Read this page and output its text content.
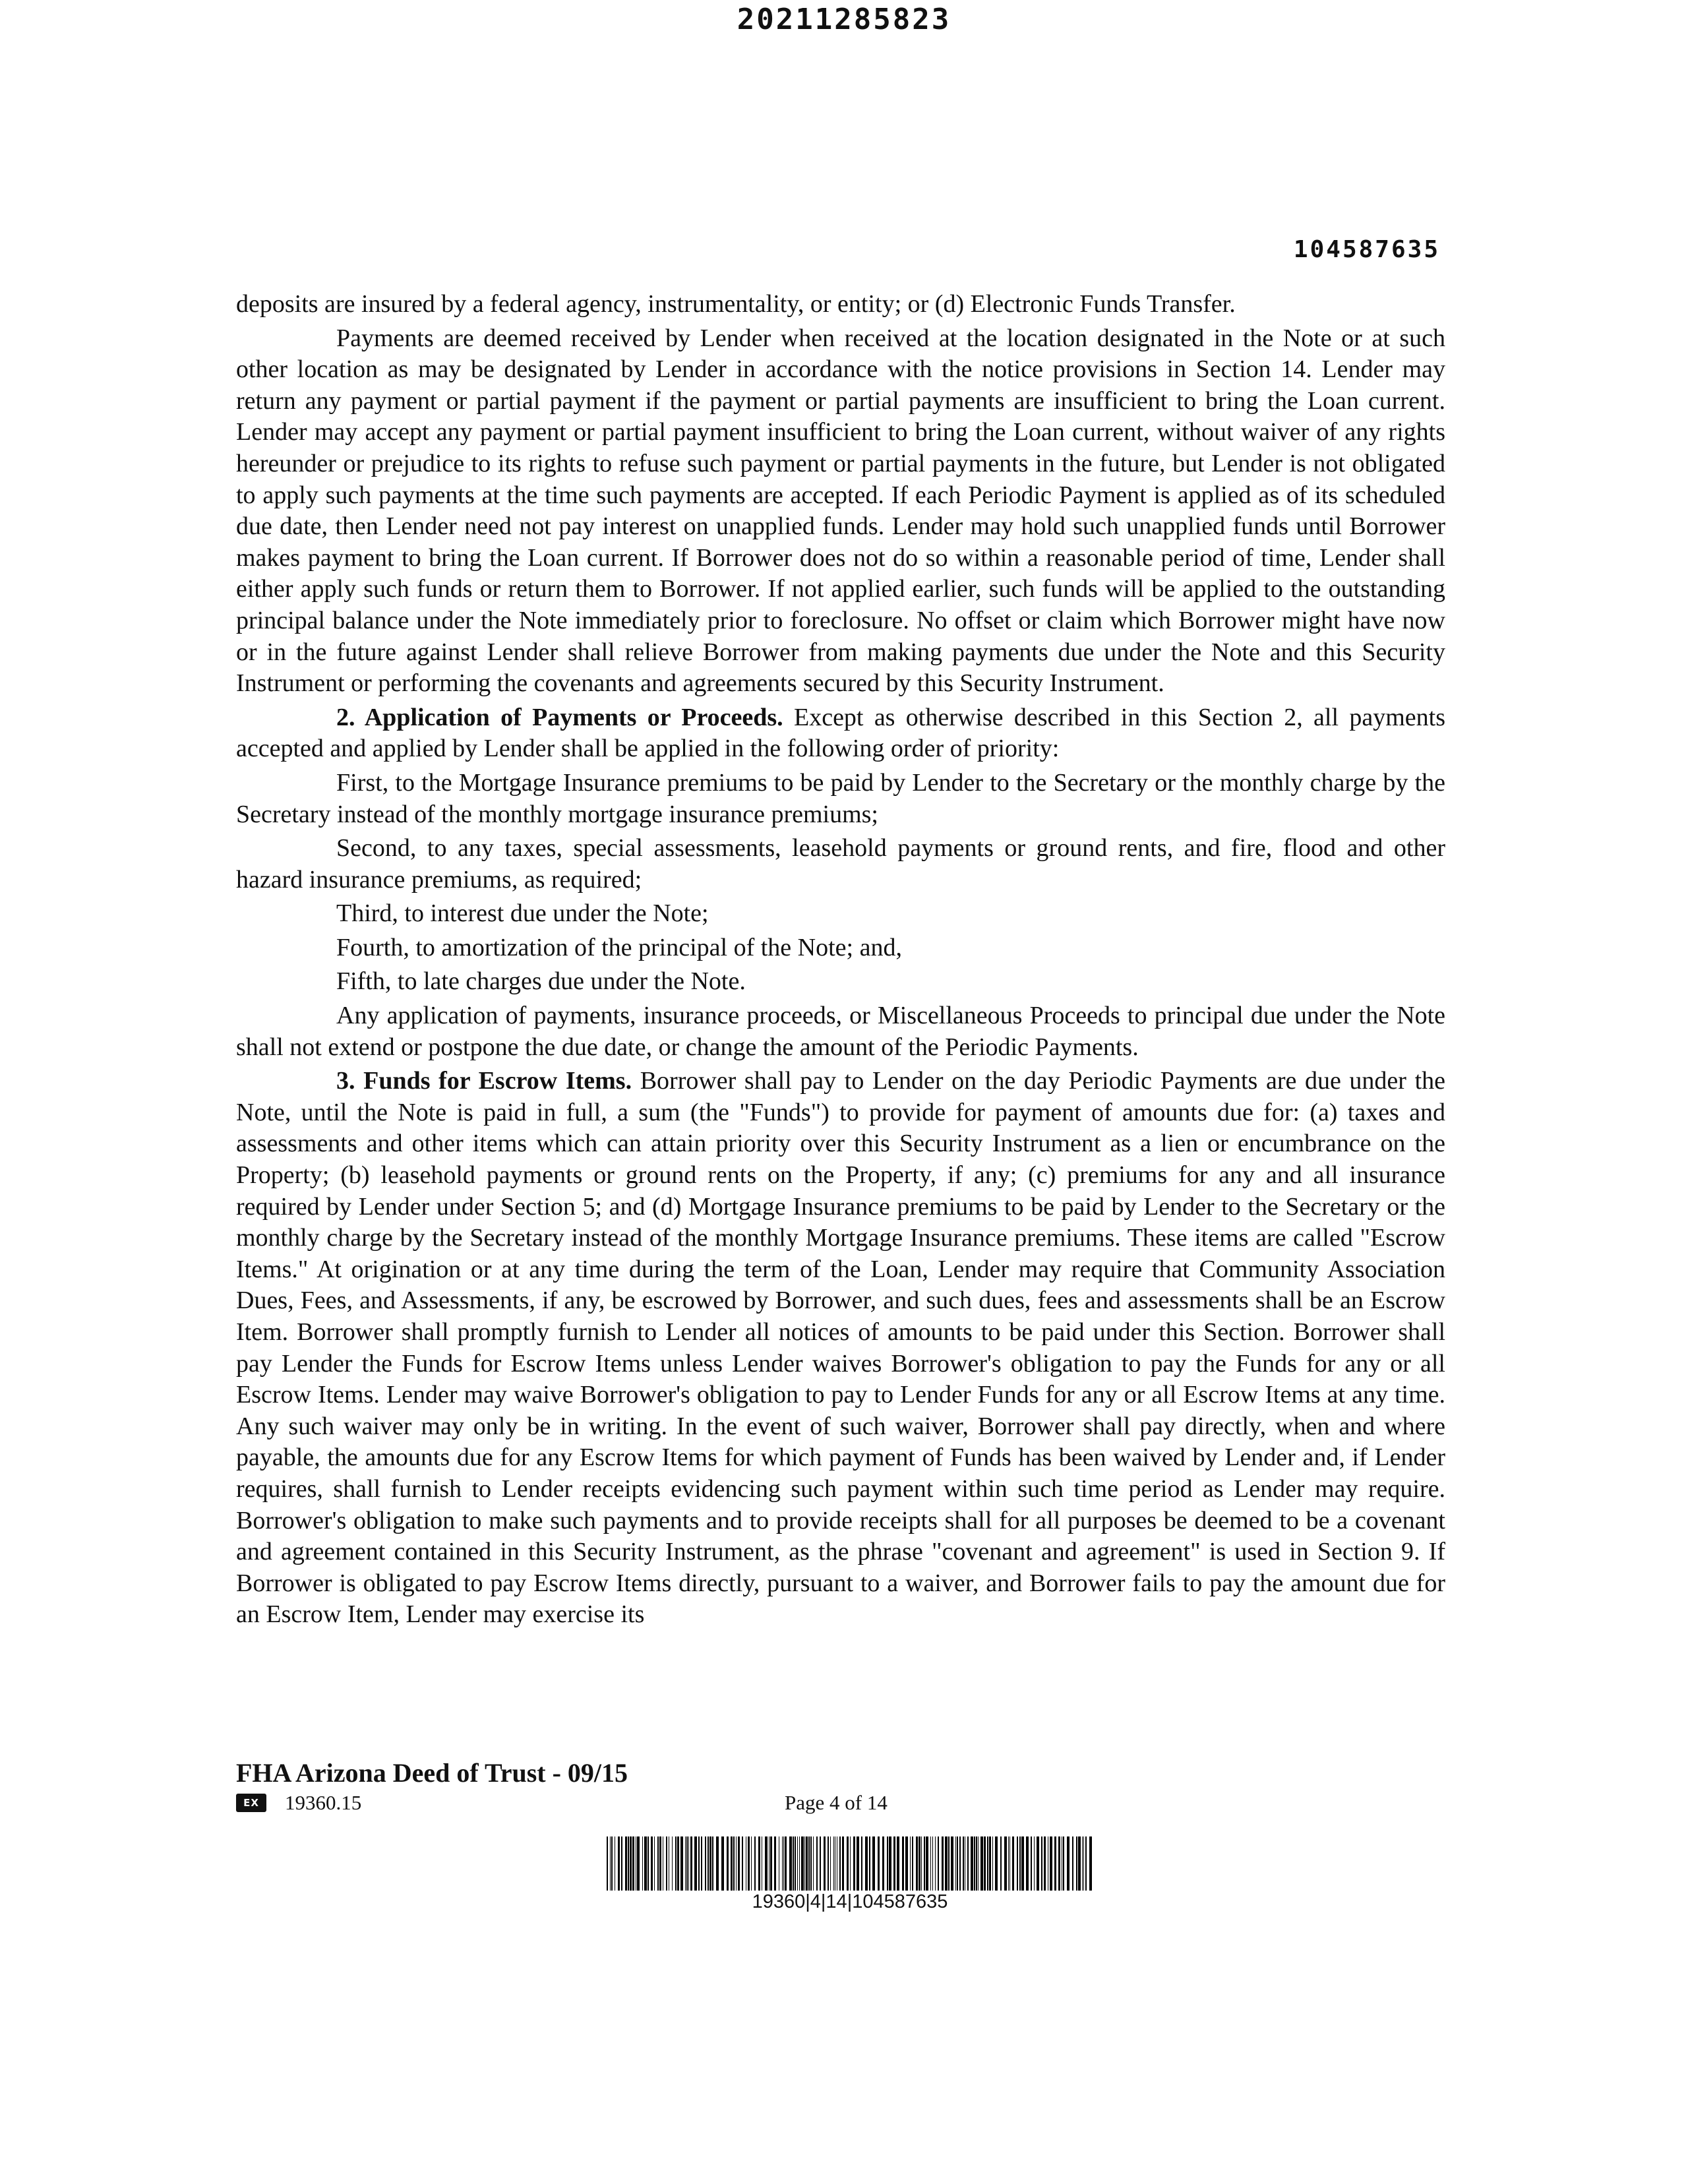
20211285823
104587635

deposits are insured by a federal agency, instrumentality, or entity; or (d) Electronic Funds Transfer.

Payments are deemed received by Lender when received at the location designated in the Note or at such other location as may be designated by Lender in accordance with the notice provisions in Section 14. Lender may return any payment or partial payment if the payment or partial payments are insufficient to bring the Loan current. Lender may accept any payment or partial payment insufficient to bring the Loan current, without waiver of any rights hereunder or prejudice to its rights to refuse such payment or partial payments in the future, but Lender is not obligated to apply such payments at the time such payments are accepted. If each Periodic Payment is applied as of its scheduled due date, then Lender need not pay interest on unapplied funds. Lender may hold such unapplied funds until Borrower makes payment to bring the Loan current. If Borrower does not do so within a reasonable period of time, Lender shall either apply such funds or return them to Borrower. If not applied earlier, such funds will be applied to the outstanding principal balance under the Note immediately prior to foreclosure. No offset or claim which Borrower might have now or in the future against Lender shall relieve Borrower from making payments due under the Note and this Security Instrument or performing the covenants and agreements secured by this Security Instrument.

2. Application of Payments or Proceeds. Except as otherwise described in this Section 2, all payments accepted and applied by Lender shall be applied in the following order of priority:

First, to the Mortgage Insurance premiums to be paid by Lender to the Secretary or the monthly charge by the Secretary instead of the monthly mortgage insurance premiums;

Second, to any taxes, special assessments, leasehold payments or ground rents, and fire, flood and other hazard insurance premiums, as required;

Third, to interest due under the Note;

Fourth, to amortization of the principal of the Note; and,

Fifth, to late charges due under the Note.

Any application of payments, insurance proceeds, or Miscellaneous Proceeds to principal due under the Note shall not extend or postpone the due date, or change the amount of the Periodic Payments.

3. Funds for Escrow Items. Borrower shall pay to Lender on the day Periodic Payments are due under the Note, until the Note is paid in full, a sum (the "Funds") to provide for payment of amounts due for: (a) taxes and assessments and other items which can attain priority over this Security Instrument as a lien or encumbrance on the Property; (b) leasehold payments or ground rents on the Property, if any; (c) premiums for any and all insurance required by Lender under Section 5; and (d) Mortgage Insurance premiums to be paid by Lender to the Secretary or the monthly charge by the Secretary instead of the monthly Mortgage Insurance premiums. These items are called "Escrow Items." At origination or at any time during the term of the Loan, Lender may require that Community Association Dues, Fees, and Assessments, if any, be escrowed by Borrower, and such dues, fees and assessments shall be an Escrow Item. Borrower shall promptly furnish to Lender all notices of amounts to be paid under this Section. Borrower shall pay Lender the Funds for Escrow Items unless Lender waives Borrower's obligation to pay the Funds for any or all Escrow Items. Lender may waive Borrower's obligation to pay to Lender Funds for any or all Escrow Items at any time. Any such waiver may only be in writing. In the event of such waiver, Borrower shall pay directly, when and where payable, the amounts due for any Escrow Items for which payment of Funds has been waived by Lender and, if Lender requires, shall furnish to Lender receipts evidencing such payment within such time period as Lender may require. Borrower's obligation to make such payments and to provide receipts shall for all purposes be deemed to be a covenant and agreement contained in this Security Instrument, as the phrase "covenant and agreement" is used in Section 9. If Borrower is obligated to pay Escrow Items directly, pursuant to a waiver, and Borrower fails to pay the amount due for an Escrow Item, Lender may exercise its

FHA Arizona Deed of Trust - 09/15
EX	19360.15	Page 4 of 14
19360|4|14|104587635
